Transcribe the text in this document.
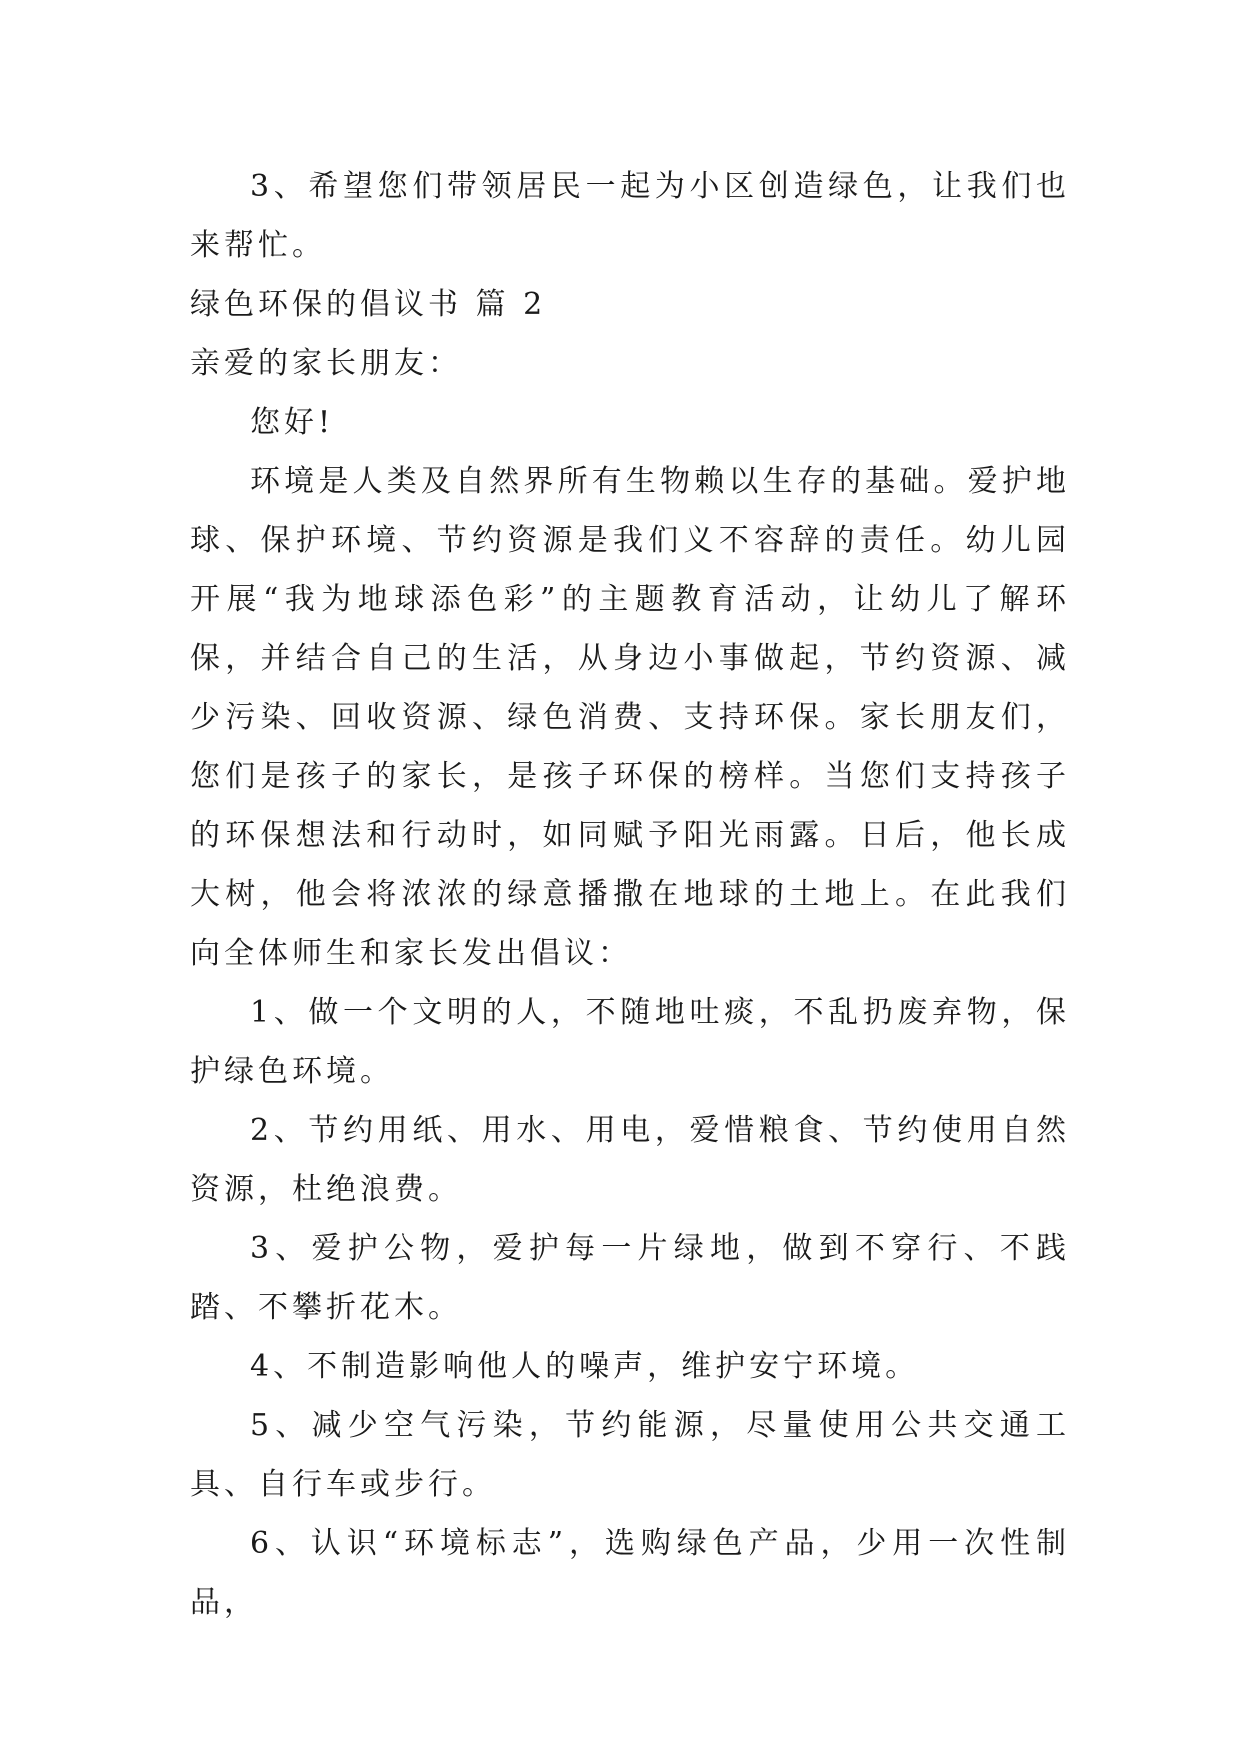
3、希望您们带领居民一起为小区创造绿色，让我们也来帮忙。

绿色环保的倡议书 篇 2

亲爱的家长朋友：

您好!

环境是人类及自然界所有生物赖以生存的基础。爱护地球、保护环境、节约资源是我们义不容辞的责任。幼儿园开展“我为地球添色彩”的主题教育活动，让幼儿了解环保，并结合自己的生活，从身边小事做起，节约资源、减少污染、回收资源、绿色消费、支持环保。家长朋友们，您们是孩子的家长，是孩子环保的榜样。当您们支持孩子的环保想法和行动时，如同赋予阳光雨露。日后，他长成大树，他会将浓浓的绿意播撒在地球的土地上。在此我们向全体师生和家长发出倡议：

1、做一个文明的人，不随地吐痰，不乱扔废弃物，保护绿色环境。

2、节约用纸、用水、用电，爱惜粮食、节约使用自然资源，杜绝浪费。

3、爱护公物，爱护每一片绿地，做到不穿行、不践踏、不攀折花木。

4、不制造影响他人的噪声，维护安宁环境。

5、减少空气污染，节约能源，尽量使用公共交通工具、自行车或步行。

6、认识“环境标志”，选购绿色产品，少用一次性制品，
